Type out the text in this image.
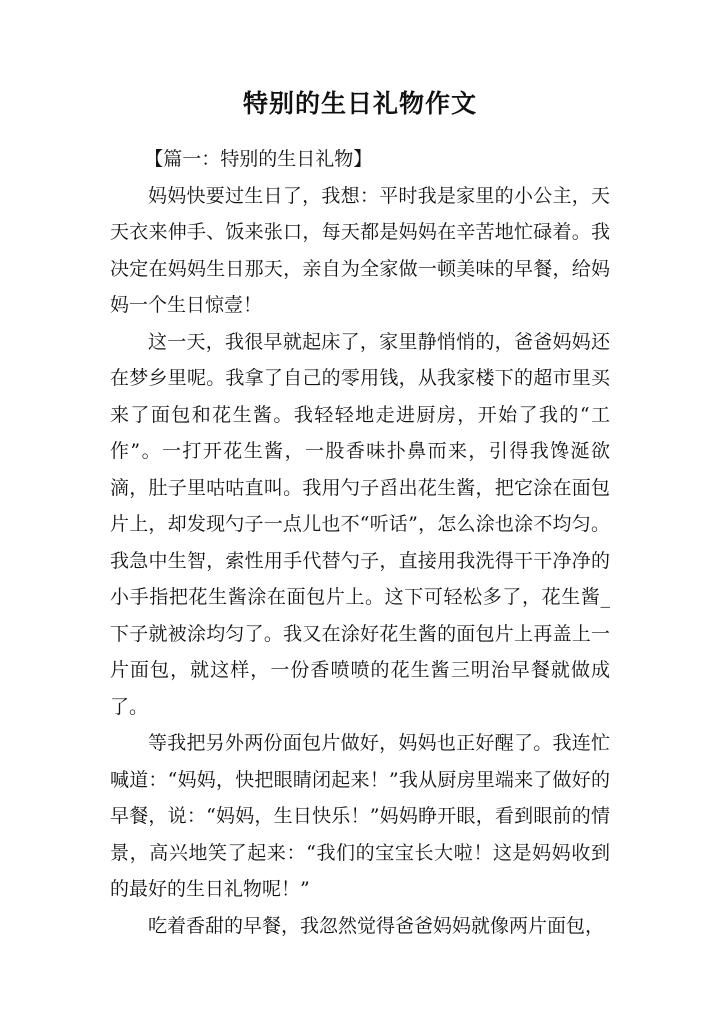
特别的生日礼物作文

【篇一：特别的生日礼物】

妈妈快要过生日了，我想：平时我是家里的小公主，天天衣来伸手、饭来张口，每天都是妈妈在辛苦地忙碌着。我决定在妈妈生日那天，亲自为全家做一顿美味的早餐，给妈妈一个生日惊壹！

这一天，我很早就起床了，家里静悄悄的，爸爸妈妈还在梦乡里呢。我拿了自己的零用钱，从我家楼下的超市里买来了面包和花生酱。我轻轻地走进厨房，开始了我的“工作”。一打开花生酱，一股香味扑鼻而来，引得我馋涎欲滴，肚子里咕咕直叫。我用勺子舀出花生酱，把它涂在面包片上，却发现勺子一点儿也不“听话”，怎么涂也涂不均匀。我急中生智，索性用手代替勺子，直接用我洗得干干净净的小手指把花生酱涂在面包片上。这下可轻松多了，花生酱_下子就被涂均匀了。我又在涂好花生酱的面包片上再盖上一片面包，就这样，一份香喷喷的花生酱三明治早餐就做成了。

等我把另外两份面包片做好，妈妈也正好醒了。我连忙喊道：“妈妈，快把眼睛闭起来！”我从厨房里端来了做好的早餐，说：“妈妈，生日快乐！”妈妈睁开眼，看到眼前的情景，高兴地笑了起来：“我们的宝宝长大啦！这是妈妈收到的最好的生日礼物呢！”

吃着香甜的早餐，我忽然觉得爸爸妈妈就像两片面包，
